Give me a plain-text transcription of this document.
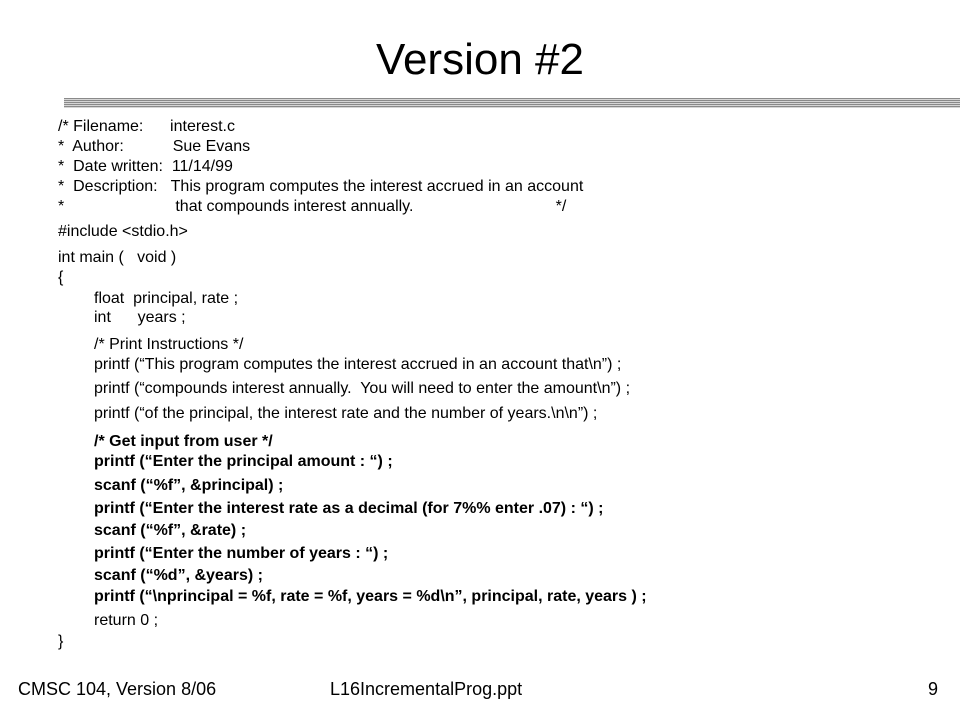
Version #2
/* Filename:      interest.c
*  Author:           Sue Evans
*  Date written:  11/14/99
*  Description:   This program computes the interest accrued in an account
*                         that compounds interest annually.                                */
#include <stdio.h>
int main (   void )
{
float  principal, rate ;
int      years ;
/* Print Instructions */
printf (“This program computes the interest accrued in an account that\n”) ;
printf (“compounds interest annually.  You will need to enter the amount\n”) ;
printf (“of the principal, the interest rate and the number of years.\n\n”) ;
/* Get input from user */
printf (“Enter the principal amount : “) ;
scanf (“%f”, &principal) ;
printf (“Enter the interest rate as a decimal (for 7%% enter .07) : “) ;
scanf (“%f”, &rate) ;
printf (“Enter the number of years : “) ;
scanf (“%d”, &years) ;
printf (“\nprincipal = %f, rate = %f, years = %d\n”, principal, rate, years ) ;
return 0 ;
}
CMSC 104, Version 8/06	L16IncrementalProg.ppt	9
